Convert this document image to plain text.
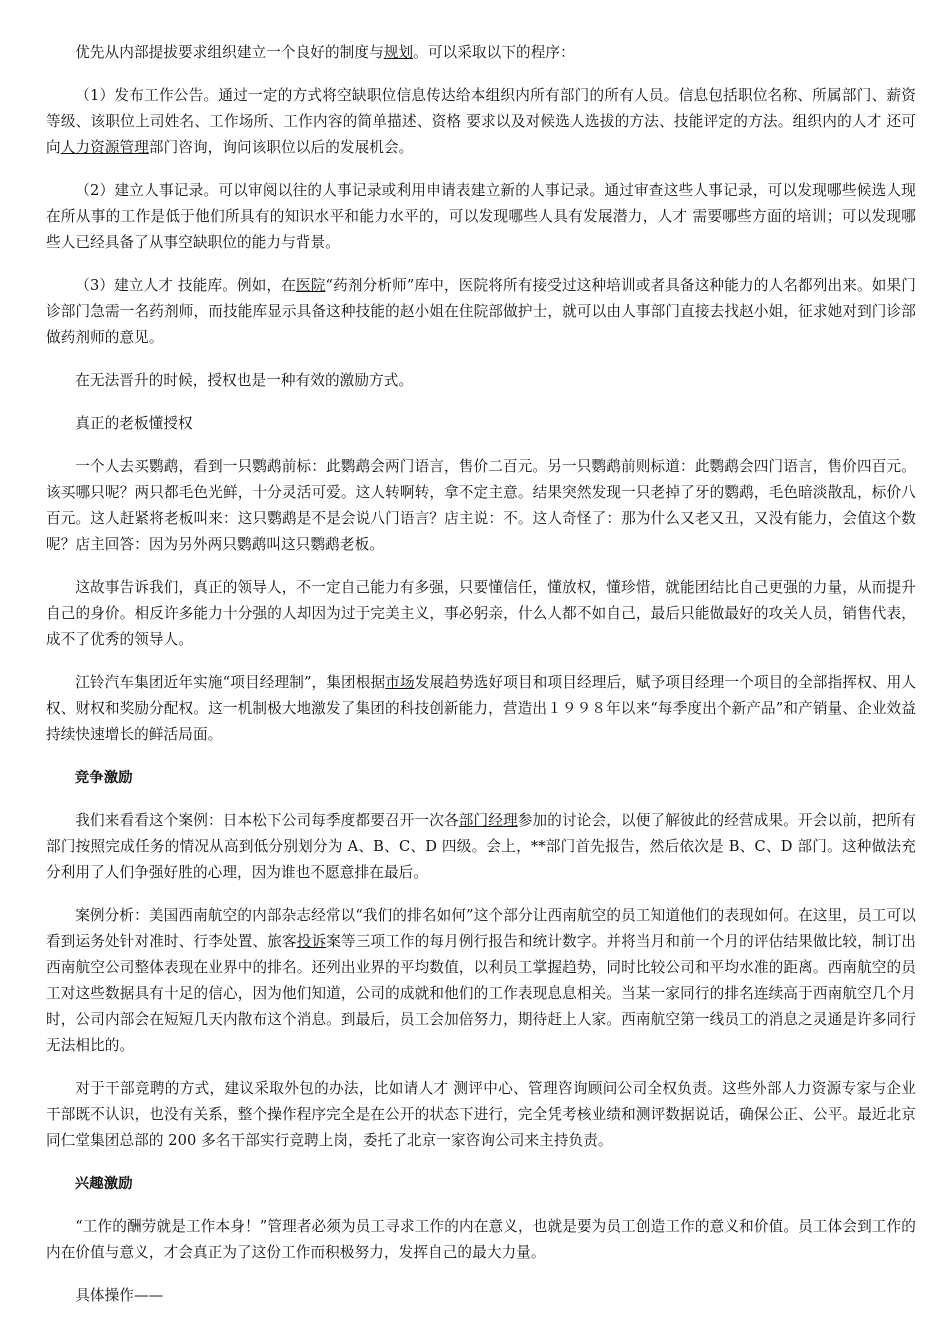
优先从内部提拔要求组织建立一个良好的制度与规划。可以采取以下的程序：

（1）发布工作公告。通过一定的方式将空缺职位信息传达给本组织内所有部门的所有人员。信息包括职位名称、所属部门、薪资等级、该职位上司姓名、工作场所、工作内容的简单描述、资格 要求以及对候选人选拔的方法、技能评定的方法。组织内的人才 还可向人力资源管理部门咨询，询问该职位以后的发展机会。

（2）建立人事记录。可以审阅以往的人事记录或利用申请表建立新的人事记录。通过审查这些人事记录，可以发现哪些候选人现在所从事的工作是低于他们所具有的知识水平和能力水平的，可以发现哪些人具有发展潜力，人才 需要哪些方面的培训；可以发现哪些人已经具备了从事空缺职位的能力与背景。

（3）建立人才 技能库。例如，在医院“药剂分析师”库中，医院将所有接受过这种培训或者具备这种能力的人名都列出来。如果门诊部门急需一名药剂师，而技能库显示具备这种技能的赵小姐在住院部做护士，就可以由人事部门直接去找赵小姐，征求她对到门诊部做药剂师的意见。

在无法晋升的时候，授权也是一种有效的激励方式。

真正的老板懂授权

一个人去买鹦鹉，看到一只鹦鹉前标：此鹦鹉会两门语言，售价二百元。另一只鹦鹉前则标道：此鹦鹉会四门语言，售价四百元。该买哪只呢？两只都毛色光鲜，十分灵活可爱。这人转啊转，拿不定主意。结果突然发现一只老掉了牙的鹦鹉，毛色暗淡散乱，标价八百元。这人赶紧将老板叫来：这只鹦鹉是不是会说八门语言？店主说：不。这人奇怪了：那为什么又老又丑，又没有能力，会值这个数呢？店主回答：因为另外两只鹦鹉叫这只鹦鹉老板。

这故事告诉我们，真正的领导人，不一定自己能力有多强，只要懂信任，懂放权，懂珍惜，就能团结比自己更强的力量，从而提升自己的身价。相反许多能力十分强的人却因为过于完美主义，事必躬亲，什么人都不如自己，最后只能做最好的攻关人员，销售代表，成不了优秀的领导人。

江铃汽车集团近年实施“项目经理制”，集团根据市场发展趋势选好项目和项目经理后，赋予项目经理一个项目的全部指挥权、用人权、财权和奖励分配权。这一机制极大地激发了集团的科技创新能力，营造出１９９８年以来“每季度出个新产品”和产销量、企业效益持续快速增长的鲜活局面。

竞争激励

我们来看看这个案例：日本松下公司每季度都要召开一次各部门经理参加的讨论会，以便了解彼此的经营成果。开会以前，把所有部门按照完成任务的情况从高到低分别划分为 A、B、C、D 四级。会上，**部门首先报告，然后依次是 B、C、D 部门。这种做法充分利用了人们争强好胜的心理，因为谁也不愿意排在最后。

案例分析：美国西南航空的内部杂志经常以“我们的排名如何”这个部分让西南航空的员工知道他们的表现如何。在这里，员工可以看到运务处针对准时、行李处置、旅客投诉案等三项工作的每月例行报告和统计数字。并将当月和前一个月的评估结果做比较，制订出西南航空公司整体表现在业界中的排名。还列出业界的平均数值，以利员工掌握趋势，同时比较公司和平均水准的距离。西南航空的员工对这些数据具有十足的信心，因为他们知道，公司的成就和他们的工作表现息息相关。当某一家同行的排名连续高于西南航空几个月时，公司内部会在短短几天内散布这个消息。到最后，员工会加倍努力，期待赶上人家。西南航空第一线员工的消息之灵通是许多同行无法相比的。

对于干部竞聘的方式，建议采取外包的办法，比如请人才 测评中心、管理咨询顾问公司全权负责。这些外部人力资源专家与企业干部既不认识，也没有关系，整个操作程序完全是在公开的状态下进行，完全凭考核业绩和测评数据说话，确保公正、公平。最近北京同仁堂集团总部的 200 多名干部实行竞聘上岗，委托了北京一家咨询公司来主持负责。

兴趣激励

“工作的酬劳就是工作本身！”管理者必须为员工寻求工作的内在意义，也就是要为员工创造工作的意义和价值。员工体会到工作的内在价值与意义，才会真正为了这份工作而积极努力，发挥自己的最大力量。

具体操作——
